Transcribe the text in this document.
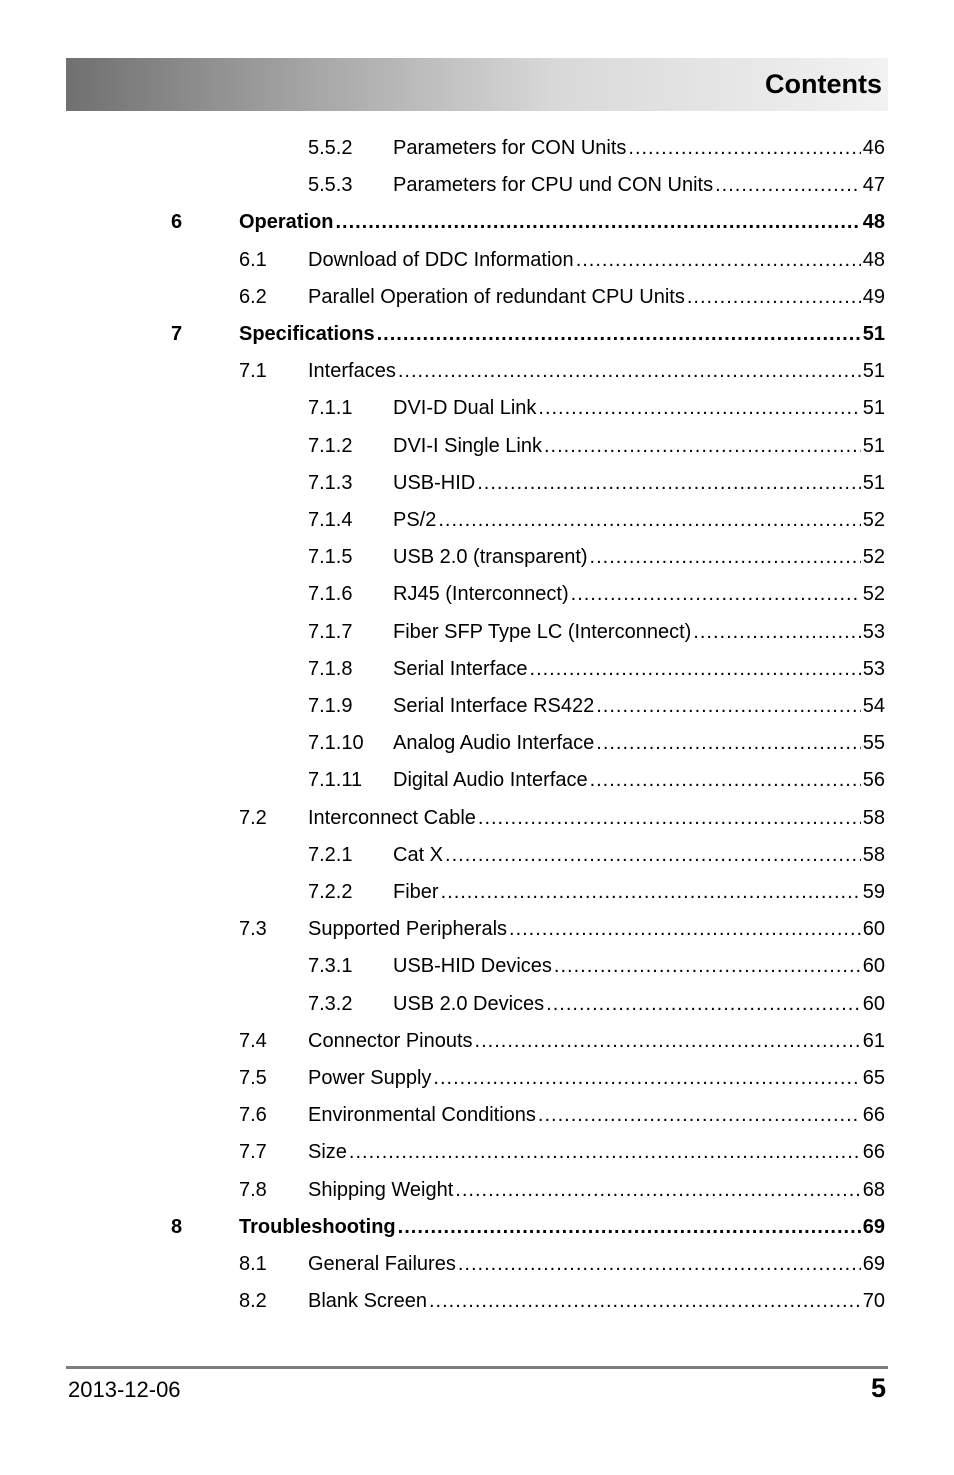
Contents
5.5.2 Parameters for CON Units .....	46
5.5.3 Parameters for CPU und CON Units .....	47
6	Operation .....	48
6.1 Download of DDC Information .....	48
6.2 Parallel Operation of redundant CPU Units .....	49
7	Specifications .....	51
7.1 Interfaces .....	51
7.1.1 DVI-D Dual Link .....	51
7.1.2 DVI-I Single Link .....	51
7.1.3 USB-HID .....	51
7.1.4 PS/2 .....	52
7.1.5 USB 2.0 (transparent) .....	52
7.1.6 RJ45 (Interconnect) .....	52
7.1.7 Fiber SFP Type LC (Interconnect) .....	53
7.1.8 Serial Interface .....	53
7.1.9 Serial Interface RS422 .....	54
7.1.10 Analog Audio Interface .....	55
7.1.11 Digital Audio Interface .....	56
7.2 Interconnect Cable .....	58
7.2.1 Cat X .....	58
7.2.2 Fiber .....	59
7.3 Supported Peripherals .....	60
7.3.1 USB-HID Devices .....	60
7.3.2 USB 2.0 Devices .....	60
7.4 Connector Pinouts .....	61
7.5 Power Supply .....	65
7.6 Environmental Conditions .....	66
7.7 Size .....	66
7.8 Shipping Weight .....	68
8	Troubleshooting .....	69
8.1 General Failures .....	69
8.2 Blank Screen .....	70
2013-12-06	5
